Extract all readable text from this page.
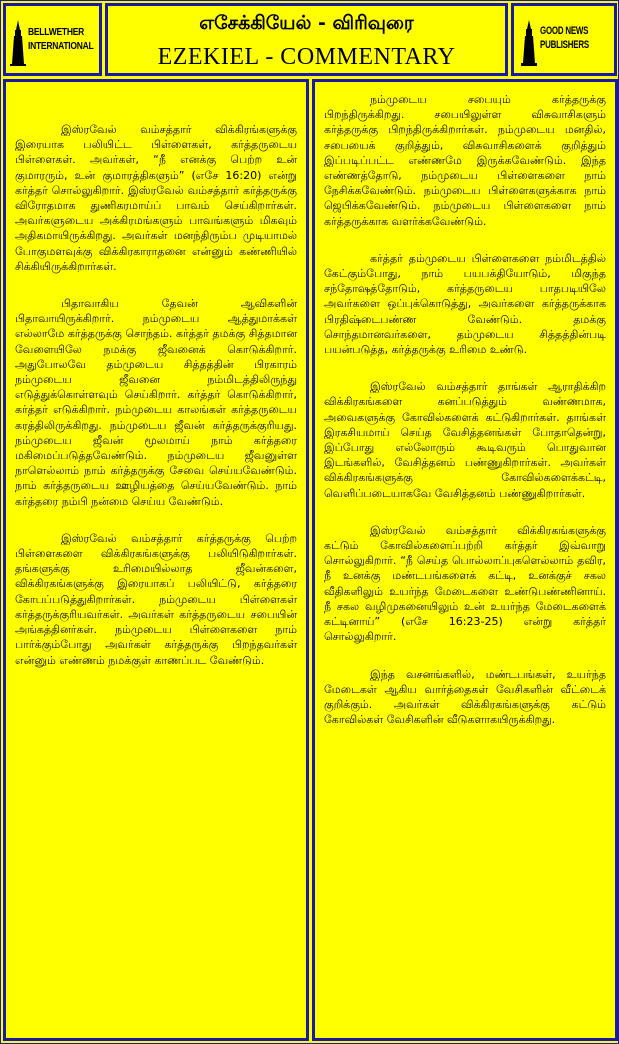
BELLWETHER
INTERNATIONAL
எசேக்கியேல் - விரிவுரை
EZEKIEL - COMMENTARY
GOOD NEWS
PUBLISHERS

இஸ்ரவேல் வம்சத்தார் விக்கிரங்களுக்கு இரையாக பலியிட்ட பிள்ளைகள், கர்த்தருடைய பிள்ளைகள். அவர்கள், “நீ எனக்கு பெற்ற உன் குமாரரும், உன் குமாரத்திகளும்” (எசே 16:20) என்று கர்த்தர் சொல்லுகிறார். இஸ்ரவேல் வம்சத்தார் கர்த்தருக்கு விரோதமாக துணிகரமாய்ப் பாவம் செய்கிறார்கள். அவர்களுடைய அக்கிரமங்களும் பாவங்களும் மிகவும் அதிகமாயிருக்கிறது. அவர்கள் மனந்திரும்ப முடியாமல் போகுமளவுக்கு விக்கிரகாராதனை என்னும் கண்ணியில் சிக்கியிருக்கிறார்கள்.

பிதாவாகிய தேவன் ஆவிகளின் பிதாவாயிருக்கிறார். நம்முடைய ஆத்துமாக்கள் எல்லாமே கர்த்தருக்கு சொந்தம். கர்த்தர் தமக்கு சித்தமான வேளையிலே நமக்கு ஜீவனைக் கொடுக்கிறார். அதுபோலவே தம்முடைய சித்தத்தின் பிரகாரம் நம்முடைய ஜீவனை நம்மிடத்திலிருந்து எடுத்துக்கொள்ளவும் செய்கிறார். கர்த்தர் கொடுக்கிறார், கர்த்தர் எடுக்கிறார். நம்முடைய காலங்கள் கர்த்தருடைய கரத்திலிருக்கிறது. நம்முடைய ஜீவன் கர்த்தருக்குரியது. நம்முடைய ஜீவன் மூலமாய் நாம் கர்த்தரை மகிமைப்படுத்தவேண்டும். நம்முடைய ஜீவனுள்ள நாளெல்லாம் நாம் கர்த்தருக்கு சேவை செய்யவேண்டும். நாம் கர்த்தருடைய ஊழியத்தை செய்யவேண்டும். நாம் கர்த்தரை நம்பி நன்மை செய்ய வேண்டும்.

இஸ்ரவேல் வம்சத்தார் கர்த்தருக்கு பெற்ற பிள்ளைகளை விக்கிரகங்களுக்கு பலியிடுகிறார்கள். தங்களுக்கு உரிமையில்லாத ஜீவன்களை, விக்கிரகங்களுக்கு இரையாகப் பலியிட்டு, கர்த்தரை கோபப்படுத்துகிறார்கள். நம்முடைய பிள்ளைகள் கர்த்தருக்குரியவர்கள். அவர்கள் கர்த்தருடைய சபையின் அங்கத்தினர்கள். நம்முடைய பிள்ளைகளை நாம் பார்க்கும்போது அவர்கள் கர்த்தருக்கு பிறந்தவர்கள் என்னும் எண்ணம் நமக்குள் காணப்பட வேண்டும்.

நம்முடைய சபையும் கர்த்தருக்கு பிறந்திருக்கிறது. சபையிலுள்ள விசுவாசிகளும் கர்த்தருக்கு பிறந்திருக்கிறார்கள். நம்முடைய மனதில், சபையைக் குறித்தும், விசுவாசிகளைக் குறித்தும் இப்படிப்பட்ட எண்ணமே இருக்கவேண்டும். இந்த எண்ணத்தோடு, நம்முடைய பிள்ளைகளை நாம் நேசிக்கவேண்டும். நம்முடைய பிள்ளைகளுக்காக நாம் ஜெபிக்கவேண்டும். நம்முடைய பிள்ளைகளை நாம் கர்த்தருக்காக வளர்க்கவேண்டும்.

கர்த்தர் தம்முடைய பிள்ளைகளை நம்மிடத்தில் கேட்கும்போது, நாம் பயபக்தியோடும், மிகுந்த சந்தோஷத்தோடும், கர்த்தருடைய பாதபடியிலே அவர்களை ஒப்புக்கொடுத்து, அவர்களை கர்த்தருக்காக பிரதிஷ்டைபண்ண வேண்டும். தமக்கு சொந்தமானவர்களை, தம்முடைய சித்தத்தின்படி பயன்படுத்த, கர்த்தருக்கு உரிமை உண்டு.

இஸ்ரவேல் வம்சத்தார் தாங்கள் ஆராதிக்கிற விக்கிரகங்களை கனப்படுத்தும் வண்ணமாக, அவைகளுக்கு கோவில்களைக் கட்டுகிறார்கள். தாங்கள் இரகசியமாய் செய்த வேசித்தனங்கள் போதாதென்று, இப்போது எல்லோரும் கூடிவரும் பொதுவான இடங்களில், வேசித்தனம் பண்ணுகிறார்கள். அவர்கள் விக்கிரகங்களுக்கு கோவில்களைக்கட்டி, வெளிப்படையாகவே வேசித்தனம் பண்ணுகிறார்கள்.

இஸ்ரவேல் வம்சத்தார் விக்கிரகங்களுக்கு கட்டும் கோவில்களைப்பற்றி கர்த்தர் இவ்வாறு சொல்லுகிறார். “நீ செய்த பொல்லாப்புகளெல்லாம் தவிர, நீ உனக்கு மண்டபங்களைக் கட்டி, உனக்குச் சகல வீதிகளிலும் உயர்ந்த மேடைகளை உண்டுபண்ணினாய். நீ சகல வழிமுகனையிலும் உன் உயர்ந்த மேடைகளைக் கட்டினாய்” (எசே 16:23-25) என்று கர்த்தர் சொல்லுகிறார்.

இந்த வசனங்களில், மண்டபங்கள், உயர்ந்த மேடைகள் ஆகிய வார்த்தைகள் வேசிகளின் வீட்டைக் குறிக்கும். அவர்கள் விக்கிரகங்களுக்கு கட்டும் கோவில்கள் வேசிகளின் வீடுகளாகயிருக்கிறது.
